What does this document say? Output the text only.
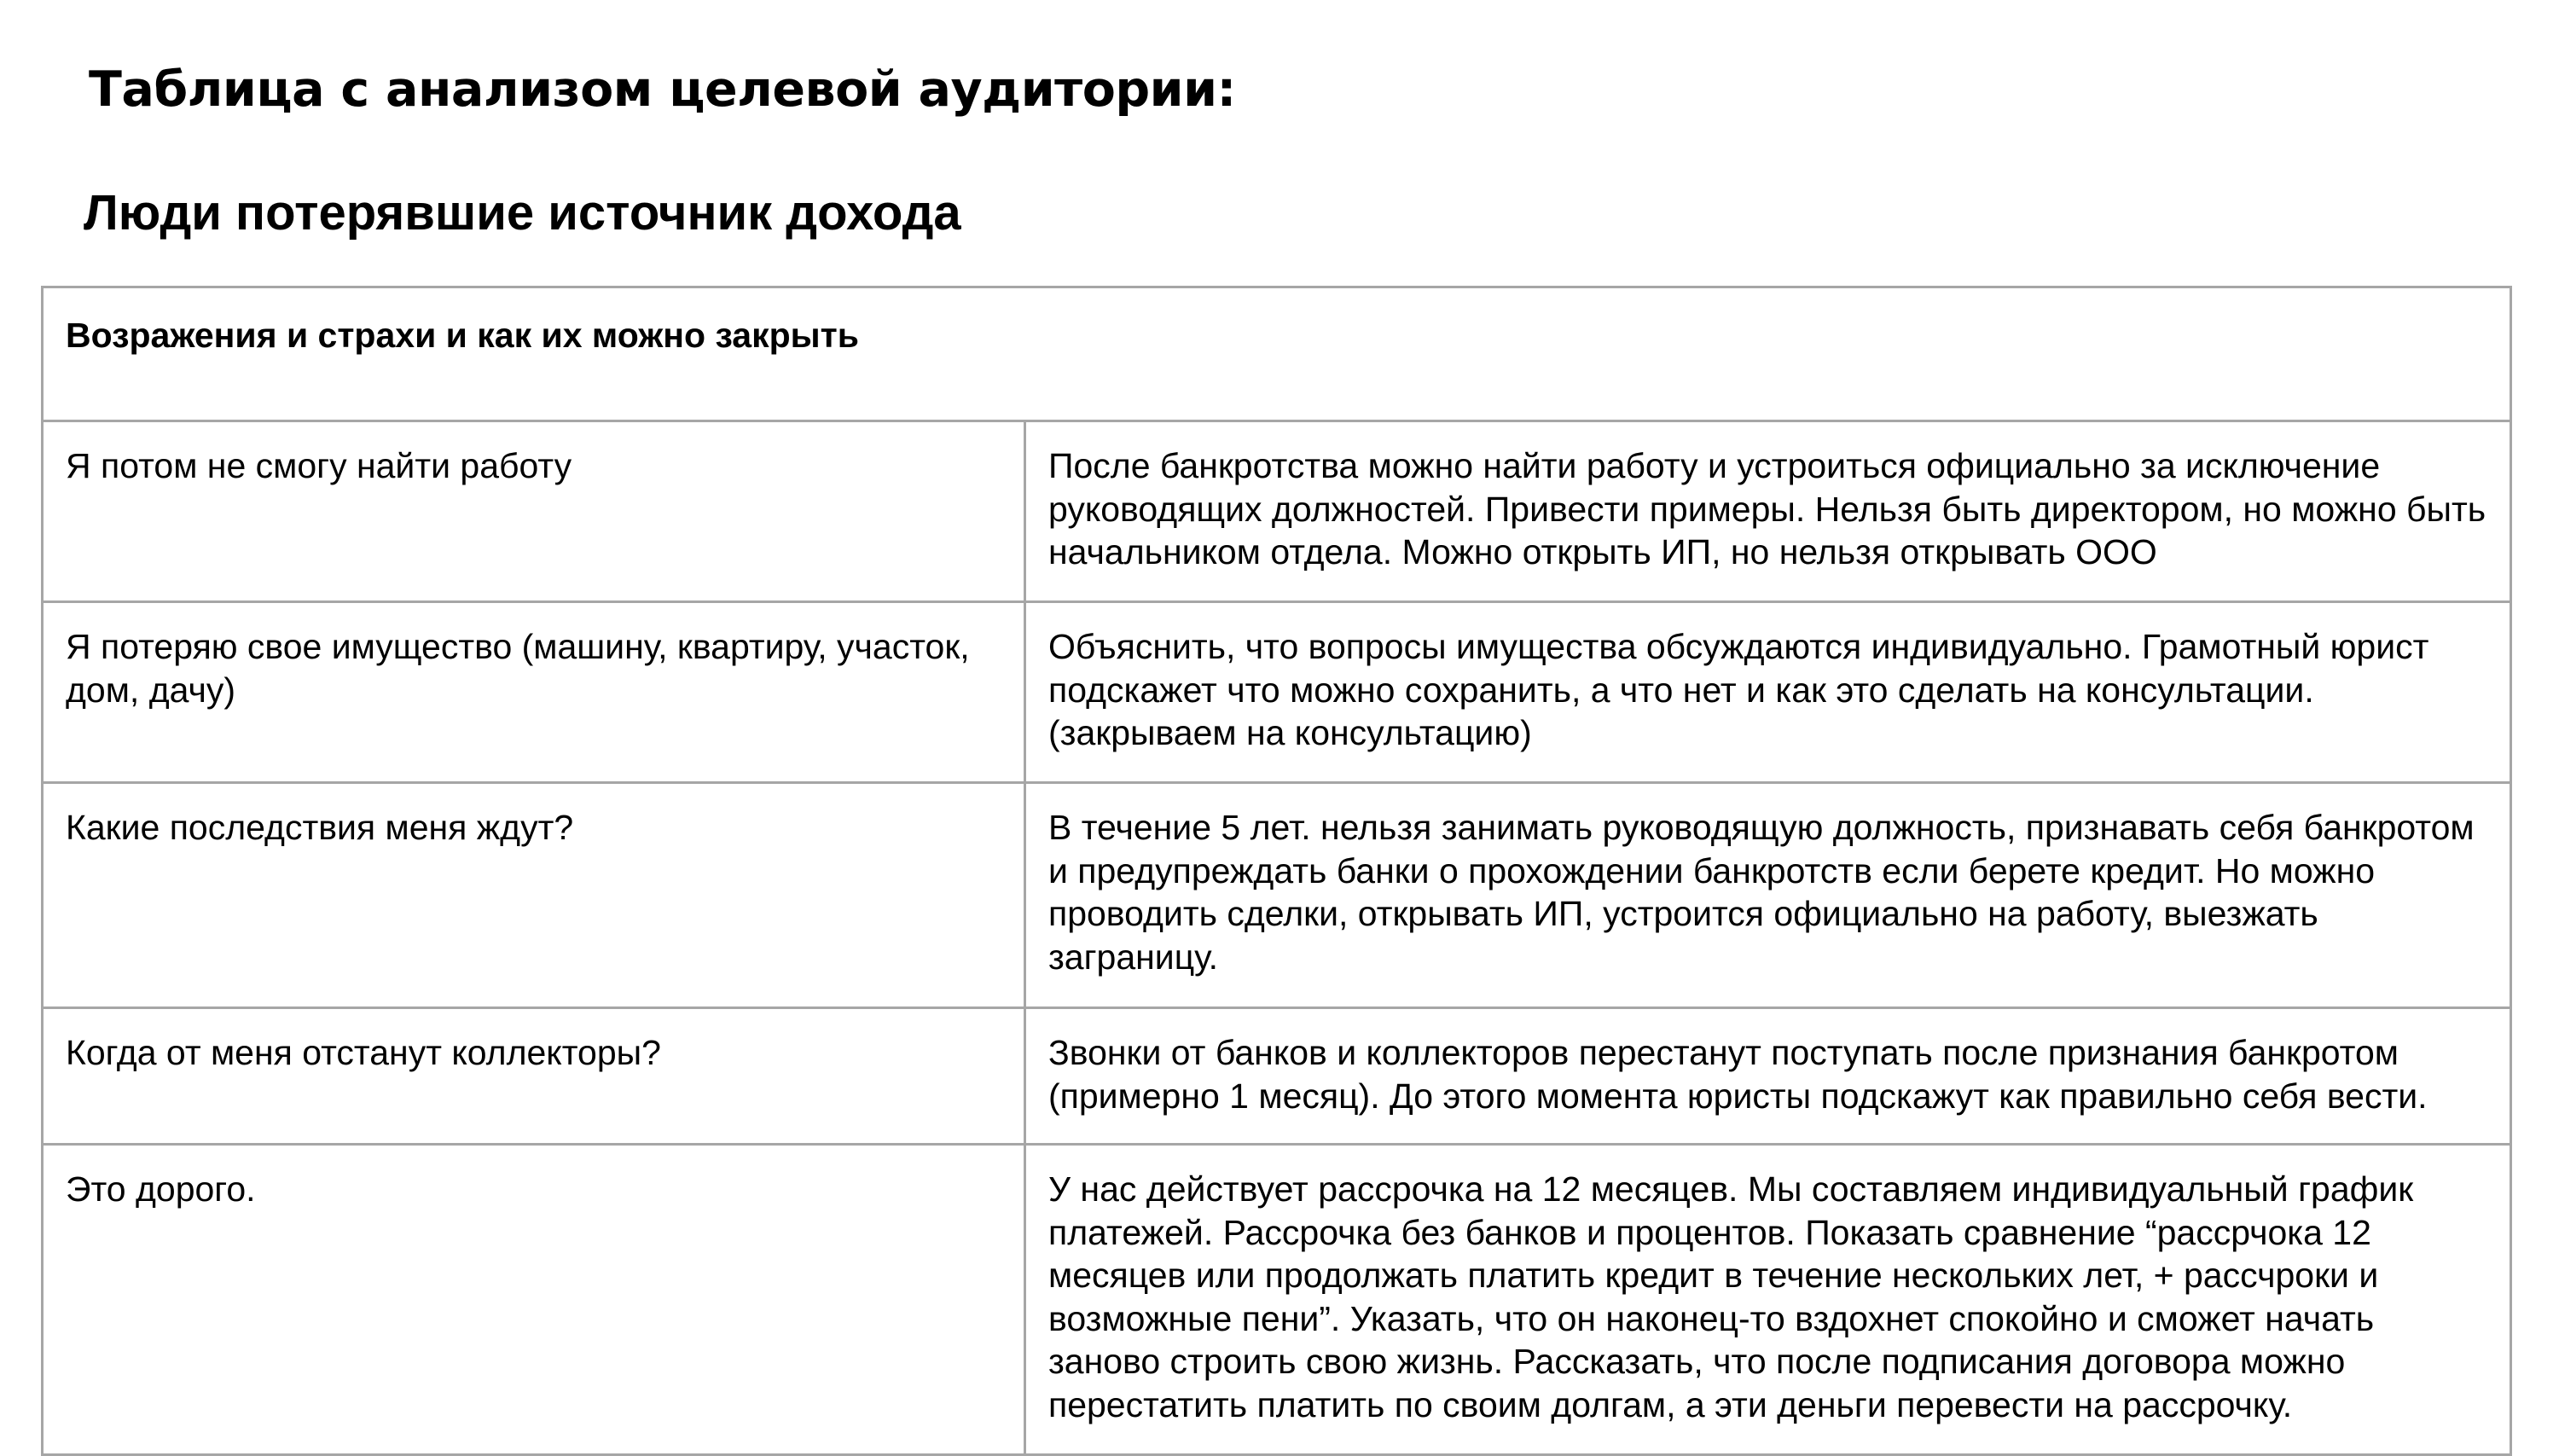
Таблица с анализом целевой аудитории:
Люди потерявшие источник дохода
Возражения и страхи и как их можно закрыть	
Я потом не смогу найти работу	После банкротства можно найти работу и устроиться официально за исключение руководящих должностей. Привести примеры. Нельзя быть директором, но можно быть начальником отдела. Можно открыть ИП, но нельзя открывать ООО
Я потеряю свое имущество (машину, квартиру, участок, дом, дачу)	Объяснить, что вопросы имущества обсуждаются индивидуально. Грамотный юрист подскажет что можно сохранить, а что нет и как это сделать на консультации. (закрываем на консультацию)
Какие последствия меня ждут?	В течение 5 лет. нельзя занимать руководящую должность, признавать себя банкротом и предупреждать банки о прохождении банкротств если берете кредит. Но можно проводить сделки, открывать ИП, устроится официально на работу, выезжать заграницу.
Когда от меня отстанут коллекторы?	Звонки от банков и коллекторов перестанут поступать после признания банкротом (примерно 1 месяц). До этого момента юристы подскажут как правильно себя вести.
Это дорого.	У нас действует рассрочка на 12 месяцев. Мы составляем индивидуальный график платежей. Рассрочка без банков и процентов. Показать сравнение “рассрчока 12 месяцев или продолжать платить кредит в течение нескольких лет, + рассчроки и возможные пени”. Указать, что он наконец-то вздохнет спокойно и сможет начать заново строить свою жизнь. Рассказать, что после подписания договора можно перестатить платить по своим долгам, а эти деньги перевести на рассрочку.
